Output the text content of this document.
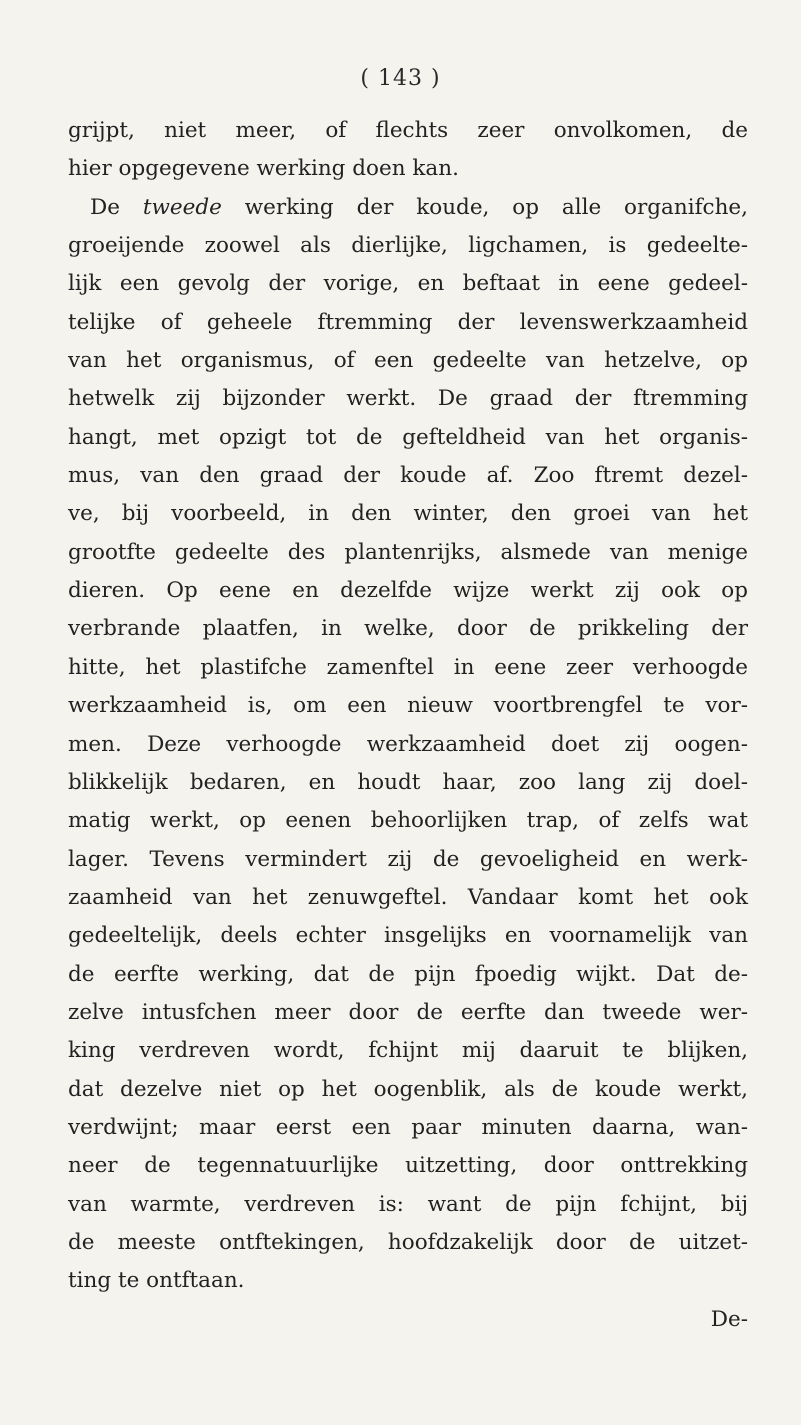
( 143 )
grijpt, niet meer, of flechts zeer onvolkomen, de
hier opgegevene werking doen kan.
De tweede werking der koude, op alle organifche,
groeijende zoowel als dierlijke, ligchamen, is gedeelte-
lijk een gevolg der vorige, en beftaat in eene gedeel-
telijke of geheele ftremming der levenswerkzaamheid
van het organismus, of een gedeelte van hetzelve, op
hetwelk zij bijzonder werkt. De graad der ftremming
hangt, met opzigt tot de gefteldheid van het organis-
mus, van den graad der koude af. Zoo ftremt dezel-
ve, bij voorbeeld, in den winter, den groei van het
grootfte gedeelte des plantenrijks, alsmede van menige
dieren. Op eene en dezelfde wijze werkt zij ook op
verbrande plaatfen, in welke, door de prikkeling der
hitte, het plastifche zamenftel in eene zeer verhoogde
werkzaamheid is, om een nieuw voortbrengfel te vor-
men. Deze verhoogde werkzaamheid doet zij oogen-
blikkelijk bedaren, en houdt haar, zoo lang zij doel-
matig werkt, op eenen behoorlijken trap, of zelfs wat
lager. Tevens vermindert zij de gevoeligheid en werk-
zaamheid van het zenuwgeftel. Vandaar komt het ook
gedeeltelijk, deels echter insgelijks en voornamelijk van
de eerfte werking, dat de pijn fpoedig wijkt. Dat de-
zelve intusfchen meer door de eerfte dan tweede wer-
king verdreven wordt, fchijnt mij daaruit te blijken,
dat dezelve niet op het oogenblik, als de koude werkt,
verdwijnt; maar eerst een paar minuten daarna, wan-
neer de tegennatuurlijke uitzetting, door onttrekking
van warmte, verdreven is: want de pijn fchijnt, bij
de meeste ontftekingen, hoofdzakelijk door de uitzet-
ting te ontftaan.
De-
